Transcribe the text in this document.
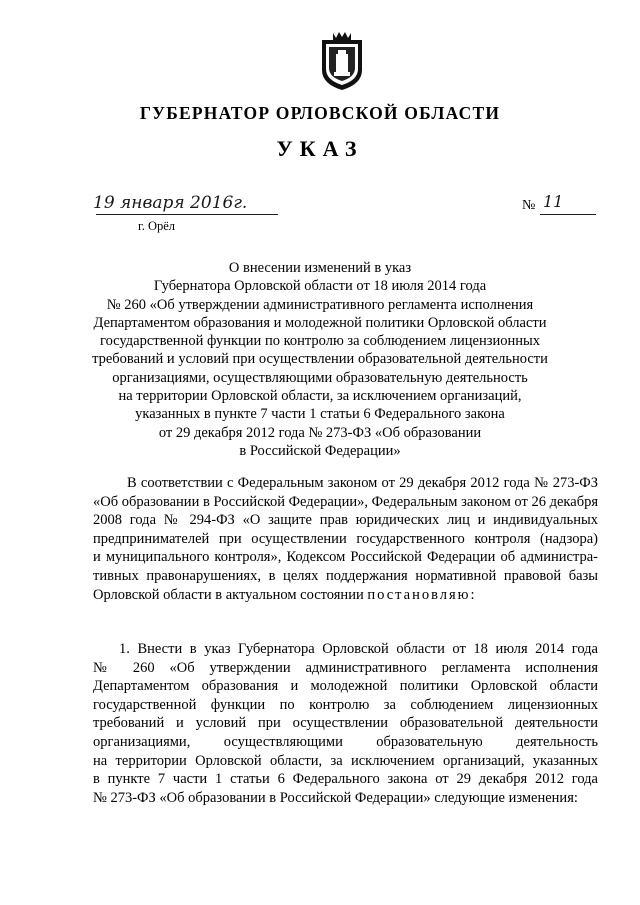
ГУБЕРНАТОР ОРЛОВСКОЙ ОБЛАСТИ
УКАЗ
19 января 2016г.
г. Орёл
№ 11
О внесении изменений в указ
Губернатора Орловской области от 18 июля 2014 года
№ 260 «Об утверждении административного регламента исполнения
Департаментом образования и молодежной политики Орловской области
государственной функции по контролю за соблюдением лицензионных
требований и условий при осуществлении образовательной деятельности
организациями, осуществляющими образовательную деятельность
на территории Орловской области, за исключением организаций,
указанных в пункте 7 части 1 статьи 6 Федерального закона
от 29 декабря 2012 года № 273-ФЗ «Об образовании
в Российской Федерации»
В соответствии с Федеральным законом от 29 декабря 2012 года № 273-ФЗ
«Об образовании в Российской Федерации», Федеральным законом от 26 декабря
2008 года № 294-ФЗ «О защите прав юридических лиц и индивидуальных
предпринимателей при осуществлении государственного контроля (надзора)
и муниципального контроля», Кодексом Российской Федерации об администра-
тивных правонарушениях, в целях поддержания нормативной правовой базы
Орловской области в актуальном состоянии постановляю:
1. Внести в указ Губернатора Орловской области от 18 июля 2014 года
№ 260 «Об утверждении административного регламента исполнения
Департаментом образования и молодежной политики Орловской области
государственной функции по контролю за соблюдением лицензионных
требований и условий при осуществлении образовательной деятельности
организациями, осуществляющими образовательную деятельность
на территории Орловской области, за исключением организаций, указанных
в пункте 7 части 1 статьи 6 Федерального закона от 29 декабря 2012 года
№ 273-ФЗ «Об образовании в Российской Федерации» следующие изменения:
